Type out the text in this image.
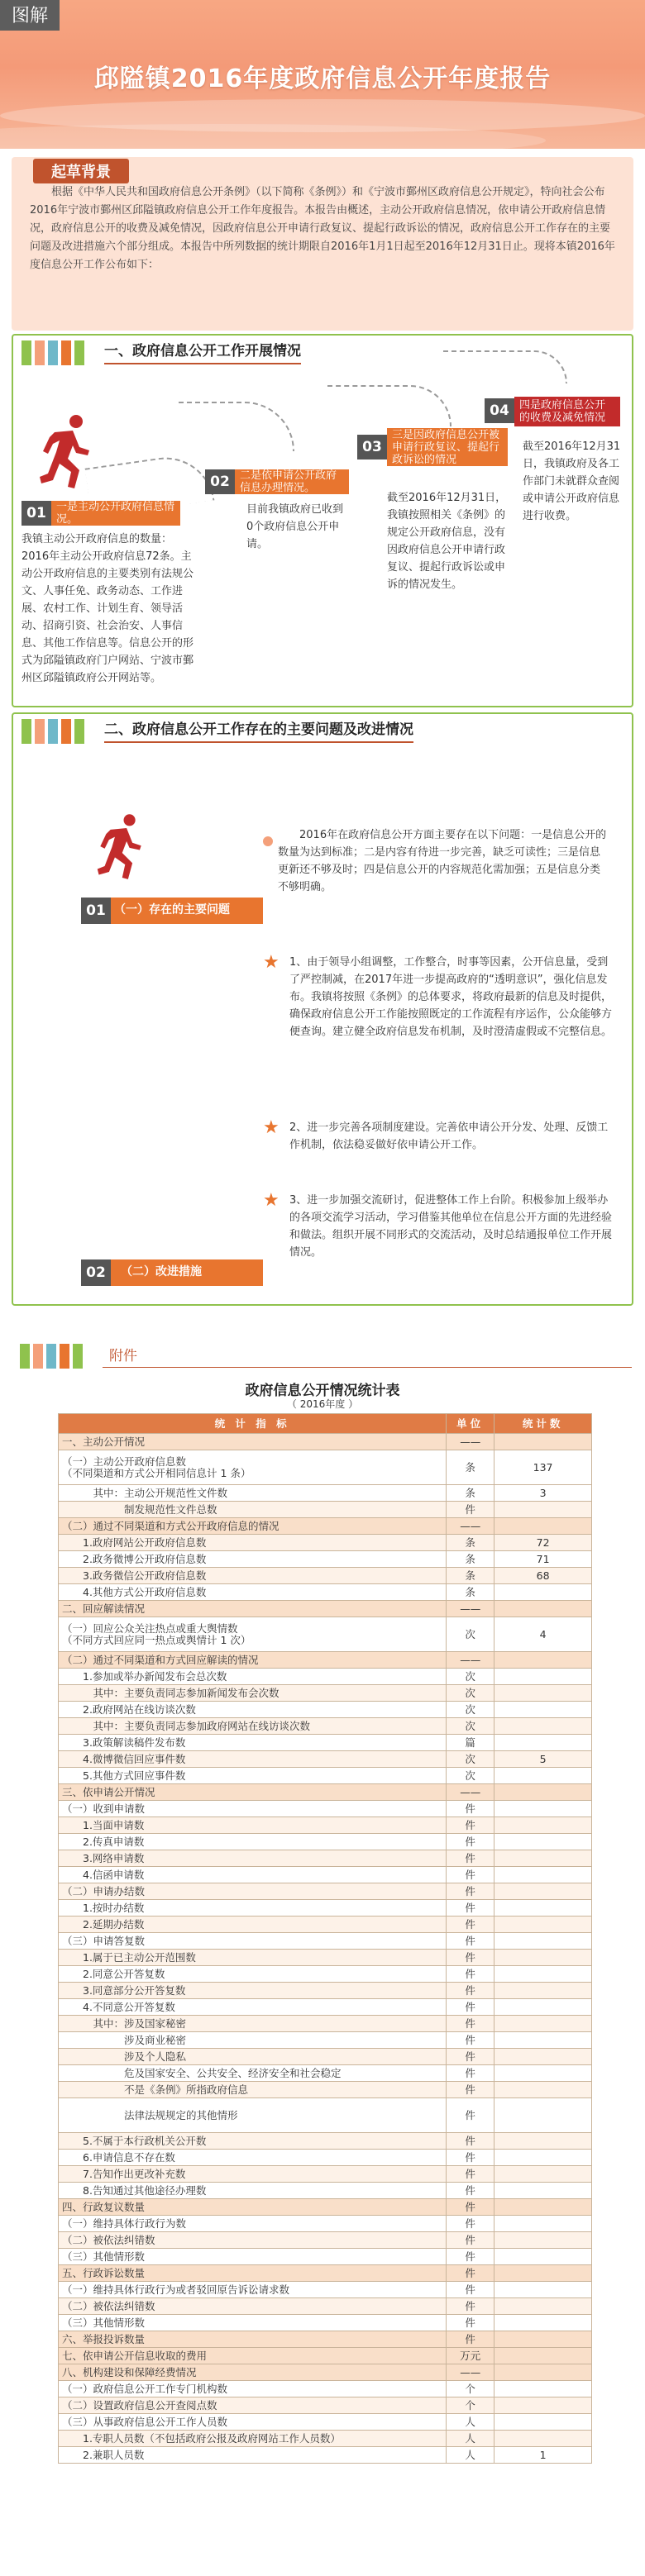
图解
邱隘镇2016年度政府信息公开年度报告
起草背景
根据《中华人民共和国政府信息公开条例》（以下简称《条例》）和《宁波市鄞州区政府信息公开规定》，特向社会公布2016年宁波市鄞州区邱隘镇政府信息公开工作年度报告。本报告由概述，主动公开政府信息情况，依申请公开政府信息情况，政府信息公开的收费及减免情况，因政府信息公开申请行政复议、提起行政诉讼的情况，政府信息公开工作存在的主要问题及改进措施六个部分组成。本报告中所列数据的统计期限自2016年1月1日起至2016年12月31日止。现将本镇2016年度信息公开工作公布如下：
一、政府信息公开工作开展情况
01 一是主动公开政府信息情况。
我镇主动公开政府信息的数量：2016年主动公开政府信息72条。主动公开政府信息的主要类别有法规公文、人事任免、政务动态、工作进展、农村工作、计划生育、领导活动、招商引资、社会治安、人事信息、其他工作信息等。信息公开的形式为邱隘镇政府门户网站、宁波市鄞州区邱隘镇政府公开网站等。
02 二是依申请公开政府信息办理情况。
目前我镇政府已收到0个政府信息公开申请。
03
三是因政府信息公开被申请行政复议、提起行政诉讼的情况
截至2016年12月31日，我镇按照相关《条例》的规定公开政府信息，没有因政府信息公开申请行政复议、提起行政诉讼或申诉的情况发生。
04 四是政府信息公开的收费及减免情况
截至2016年12月31日，我镇政府及各工作部门未就群众查阅或申请公开政府信息进行收费。
二、政府信息公开工作存在的主要问题及改进情况
01 （一）存在的主要问题
2016年在政府信息公开方面主要存在以下问题：一是信息公开的数量为达到标准；二是内容有待进一步完善，缺乏可读性；三是信息更新还不够及时；四是信息公开的内容规范化需加强；五是信息分类不够明确。
★ 1、由于领导小组调整，工作整合，时事等因素，公开信息量，受到了严控制减，在2017年进一步提高政府的“透明意识”，强化信息发布。我镇将按照《条例》的总体要求，将政府最新的信息及时提供，确保政府信息公开工作能按照既定的工作流程有序运作，公众能够方便查询。建立健全政府信息发布机制，及时澄清虚假或不完整信息。
★ 2、进一步完善各项制度建设。完善依申请公开分发、处理、反馈工作机制，依法稳妥做好依申请公开工作。
★ 3、进一步加强交流研讨，促进整体工作上台阶。积极参加上级举办的各项交流学习活动，学习借鉴其他单位在信息公开方面的先进经验和做法。组织开展不同形式的交流活动，及时总结通报单位工作开展情况。
02	（二）改进措施
附件
政府信息公开情况统计表
（ 2016年度 ）
统 计 指 标	单位	统计数
一、主动公开情况	——	
（一）主动公开政府信息数
（不同渠道和方式公开相同信息计 1 条）	条	137
　　　其中：主动公开规范性文件数	条	3
　　　　　　制发规范性文件总数	件	
（二）通过不同渠道和方式公开政府信息的情况	——	
　　1.政府网站公开政府信息数	条	72
　　2.政务微博公开政府信息数	条	71
　　3.政务微信公开政府信息数	条	68
　　4.其他方式公开政府信息数	条	
二、回应解读情况	——	
（一）回应公众关注热点或重大舆情数
（不同方式回应同一热点或舆情计 1 次）	次	4
（二）通过不同渠道和方式回应解读的情况	——	
　　1.参加或举办新闻发布会总次数	次	
　　　其中：主要负责同志参加新闻发布会次数	次	
　　2.政府网站在线访谈次数	次	
　　　其中：主要负责同志参加政府网站在线访谈次数	次	
　　3.政策解读稿件发布数	篇	
　　4.微博微信回应事件数	次	5
　　5.其他方式回应事件数	次	
三、依申请公开情况	——	
（一）收到申请数	件	
　　1.当面申请数	件	
　　2.传真申请数	件	
　　3.网络申请数	件	
　　4.信函申请数	件	
（二）申请办结数	件	
　　1.按时办结数	件	
　　2.延期办结数	件	
（三）申请答复数	件	
　　1.属于已主动公开范围数	件	
　　2.同意公开答复数	件	
　　3.同意部分公开答复数	件	
　　4.不同意公开答复数	件	
　　　其中：涉及国家秘密	件	
　　　　　　涉及商业秘密	件	
　　　　　　涉及个人隐私	件	
　　　　　　危及国家安全、公共安全、经济安全和社会稳定	件	
　　　　　　不是《条例》所指政府信息	件	
　　　　　　法律法规规定的其他情形	件	
　　5.不属于本行政机关公开数	件	
　　6.申请信息不存在数	件	
　　7.告知作出更改补充数	件	
　　8.告知通过其他途径办理数	件	
四、行政复议数量	件	
（一）维持具体行政行为数	件	
（二）被依法纠错数	件	
（三）其他情形数	件	
五、行政诉讼数量	件	
（一）维持具体行政行为或者驳回原告诉讼请求数	件	
（二）被依法纠错数	件	
（三）其他情形数	件	
六、举报投诉数量	件	
七、依申请公开信息收取的费用	万元	
八、机构建设和保障经费情况	——	
（一）政府信息公开工作专门机构数	个	
（二）设置政府信息公开查阅点数	个	
（三）从事政府信息公开工作人员数	人	
　　1.专职人员数（不包括政府公报及政府网站工作人员数）	人	
　　2.兼职人员数	人	1
